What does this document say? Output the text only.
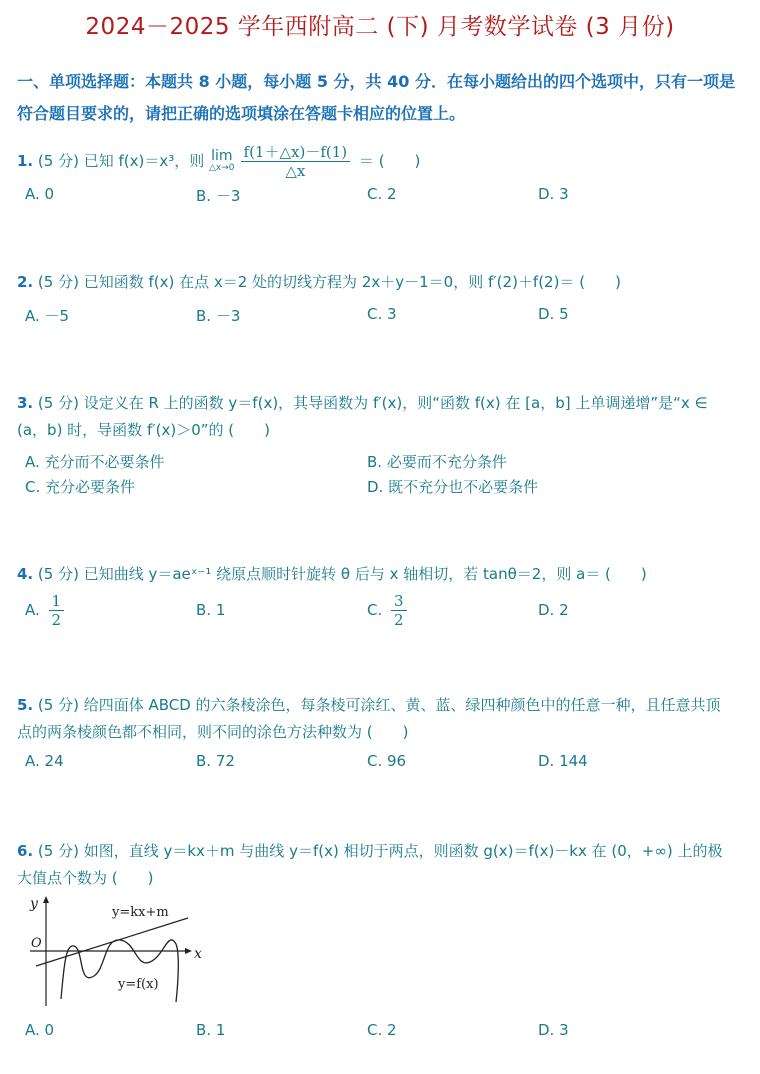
2024－2025 学年西附高二 (下) 月考数学试卷 (3 月份)
一、单项选择题：本题共 8 小题，每小题 5 分，共 40 分．在每小题给出的四个选项中，只有一项是符合题目要求的，请把正确的选项填涂在答题卡相应的位置上。
1. (5 分) 已知 f(x)＝x³，则 lim
△x→0 $\frac{f(1+\triangle x)-f(1)}{\triangle x}$ ＝ (　　)
A. 0	B. －3	C. 2	D. 3
2. (5 分) 已知函数 f(x) 在点 x＝2 处的切线方程为 2x＋y－1＝0，则 f′(2)＋f(2)＝ (　　)
A. －5	B. －3	C. 3	D. 5
3. (5 分) 设定义在 R 上的函数 y＝f(x)，其导函数为 f′(x)，则“函数 f(x) 在 [a，b] 上单调递增”是“x ∈
(a，b) 时，导函数 f′(x)＞0”的 (　　)
A. 充分而不必要条件	B. 必要而不充分条件
C. 充分必要条件	D. 既不充分也不必要条件
4. (5 分) 已知曲线 y＝aeˣ⁻¹ 绕原点顺时针旋转 θ 后与 x 轴相切，若 tanθ＝2，则 a＝ (　　)
A. $\frac{1}{2}$	B. 1	C. $\frac{3}{2}$	D. 2
5. (5 分) 给四面体 ABCD 的六条棱涂色，每条棱可涂红、黄、蓝、绿四种颜色中的任意一种，且任意共顶
点的两条棱颜色都不相同，则不同的涂色方法种数为 (　　)
A. 24	B. 72	C. 96	D. 144
6. (5 分) 如图，直线 y＝kx＋m 与曲线 y＝f(x) 相切于两点，则函数 g(x)＝f(x)－kx 在 (0，+∞) 上的极
大值点个数为 (　　)
y
x
O
y=kx+m
y=f(x)
A. 0	B. 1	C. 2	D. 3
